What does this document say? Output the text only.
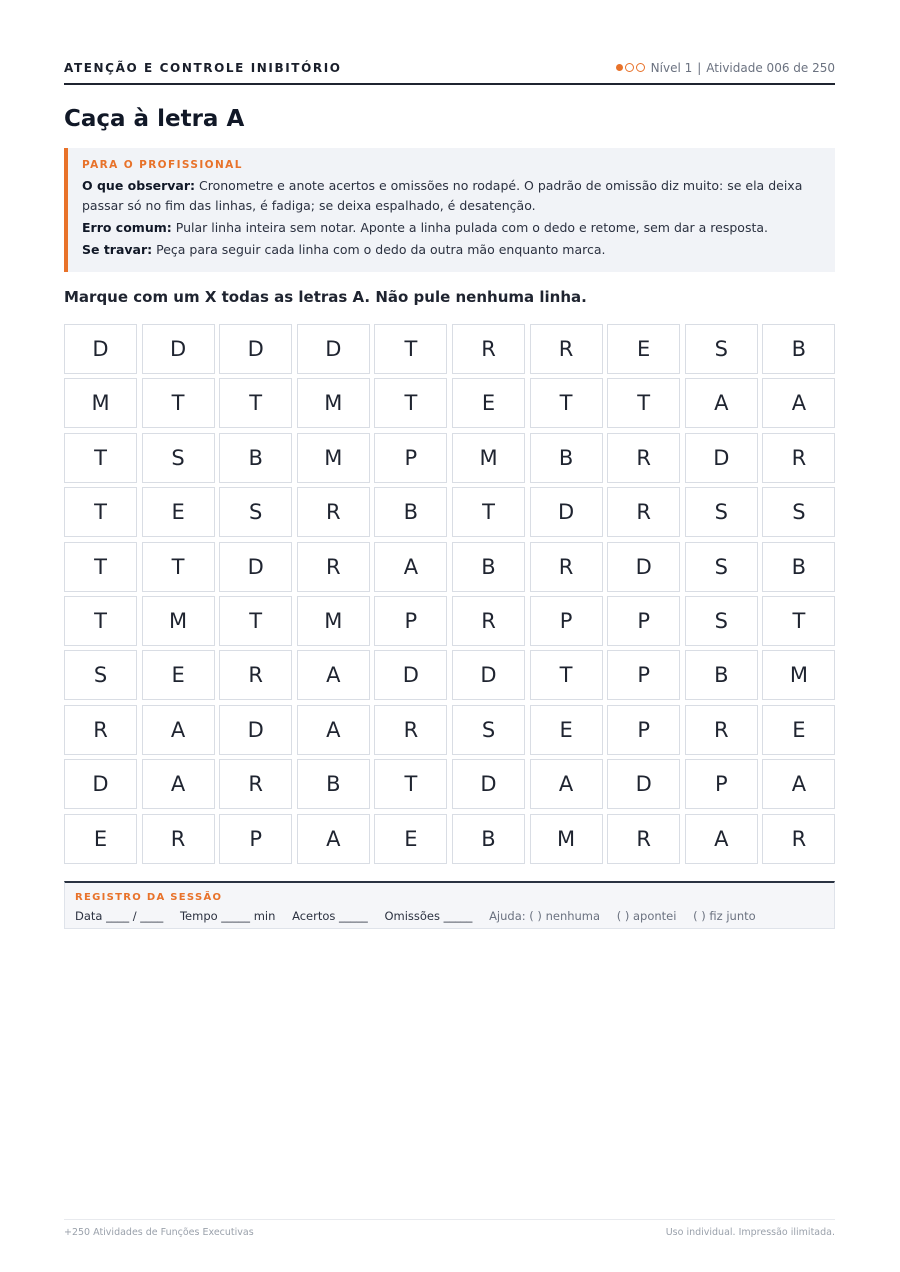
ATENÇÃO E CONTROLE INIBITÓRIO	Nível 1 | Atividade 006 de 250
Caça à letra A
PARA O PROFISSIONAL
O que observar: Cronometre e anote acertos e omissões no rodapé. O padrão de omissão diz muito: se ela deixa passar só no fim das linhas, é fadiga; se deixa espalhado, é desatenção.
Erro comum: Pular linha inteira sem notar. Aponte a linha pulada com o dedo e retome, sem dar a resposta.
Se travar: Peça para seguir cada linha com o dedo da outra mão enquanto marca.
Marque com um X todas as letras A. Não pule nenhuma linha.
D	D	D	D	T	R	R	E	S	B
M	T	T	M	T	E	T	T	A	A
T	S	B	M	P	M	B	R	D	R
T	E	S	R	B	T	D	R	S	S
T	T	D	R	A	B	R	D	S	B
T	M	T	M	P	R	P	P	S	T
S	E	R	A	D	D	T	P	B	M
R	A	D	A	R	S	E	P	R	E
D	A	R	B	T	D	A	D	P	A
E	R	P	A	E	B	M	R	A	R
REGISTRO DA SESSÃO
Data ____ / ____ Tempo _____ min Acertos _____ Omissões _____ Ajuda: ( ) nenhuma ( ) apontei ( ) fiz junto
+250 Atividades de Funções Executivas	Uso individual. Impressão ilimitada.
